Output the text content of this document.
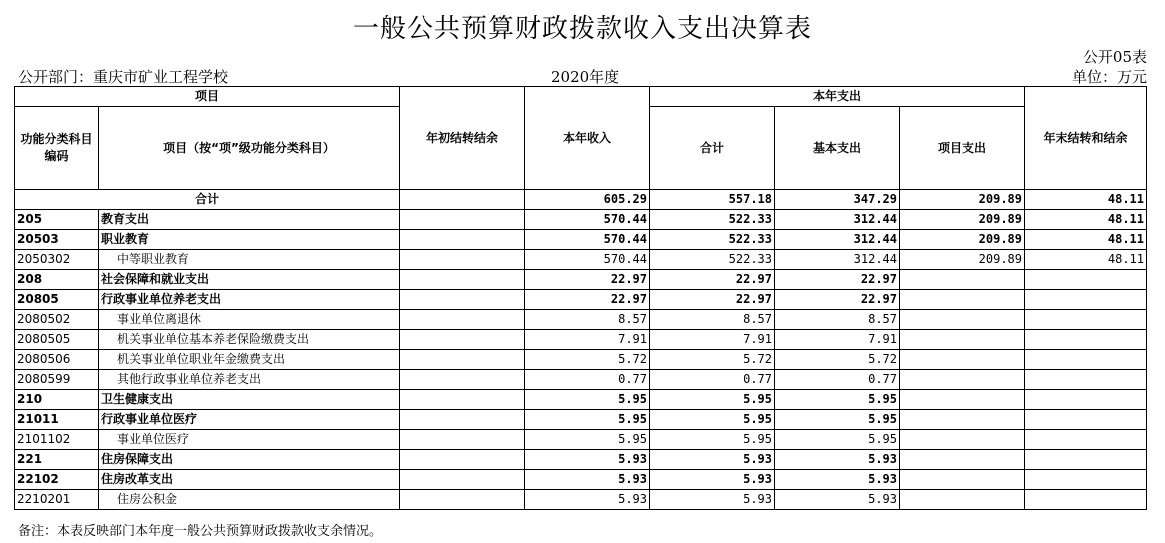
一般公共预算财政拨款收入支出决算表
公开05表
公开部门：重庆市矿业工程学校	2020年度	单位：万元
项目		年初结转结余	本年收入	本年支出			年末结转和结余
功能分类科目编码	项目（按“项”级功能分类科目）			合计	基本支出	项目支出	
合计			605.29	557.18	347.29	209.89	48.11
205	教育支出		570.44	522.33	312.44	209.89	48.11
20503	职业教育		570.44	522.33	312.44	209.89	48.11
2050302	中等职业教育		570.44	522.33	312.44	209.89	48.11
208	社会保障和就业支出		22.97	22.97	22.97		
20805	行政事业单位养老支出		22.97	22.97	22.97		
2080502	事业单位离退休		8.57	8.57	8.57		
2080505	机关事业单位基本养老保险缴费支出		7.91	7.91	7.91		
2080506	机关事业单位职业年金缴费支出		5.72	5.72	5.72		
2080599	其他行政事业单位养老支出		0.77	0.77	0.77		
210	卫生健康支出		5.95	5.95	5.95		
21011	行政事业单位医疗		5.95	5.95	5.95		
2101102	事业单位医疗		5.95	5.95	5.95		
221	住房保障支出		5.93	5.93	5.93		
22102	住房改革支出		5.93	5.93	5.93		
2210201	住房公积金		5.93	5.93	5.93		
备注：本表反映部门本年度一般公共预算财政拨款收支余情况。
